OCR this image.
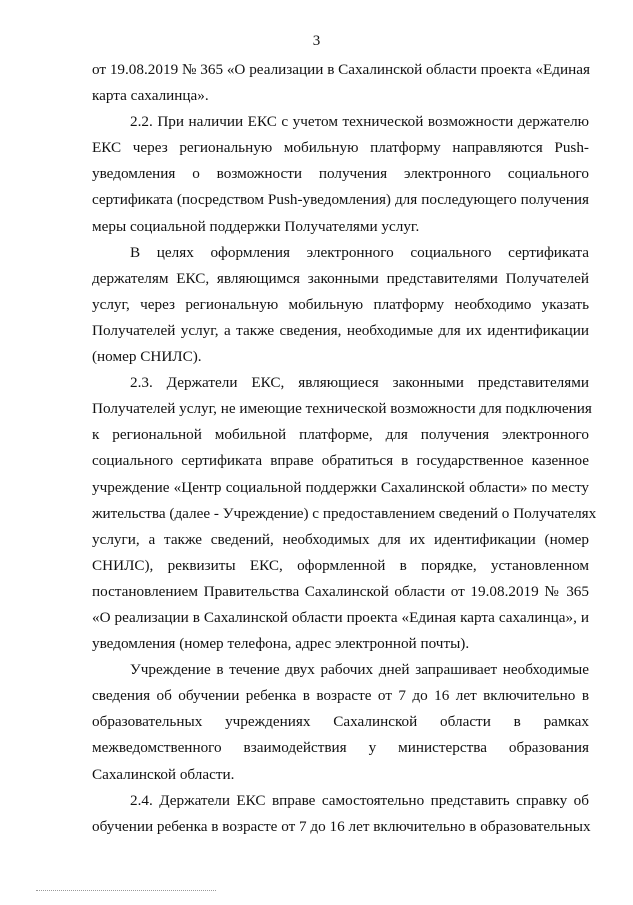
3

от 19.08.2019 № 365 «О реализации в Сахалинской области проекта «Единая
карта сахалинца».

2.2. При наличии ЕКС с учетом технической возможности держателю
ЕКС через региональную мобильную платформу направляются Push-
уведомления о возможности получения электронного социального
сертификата (посредством Push-уведомления) для последующего получения
меры социальной поддержки Получателями услуг.

В целях оформления электронного социального сертификата
держателям ЕКС, являющимся законными представителями Получателей
услуг, через региональную мобильную платформу необходимо указать
Получателей услуг, а также сведения, необходимые для их идентификации
(номер СНИЛС).

2.3. Держатели ЕКС, являющиеся законными представителями
Получателей услуг, не имеющие технической возможности для подключения
к региональной мобильной платформе, для получения электронного
социального сертификата вправе обратиться в государственное казенное
учреждение «Центр социальной поддержки Сахалинской области» по месту
жительства (далее - Учреждение) с предоставлением сведений о Получателях
услуги, а также сведений, необходимых для их идентификации (номер
СНИЛС), реквизиты ЕКС, оформленной в порядке, установленном
постановлением Правительства Сахалинской области от 19.08.2019 № 365
«О реализации в Сахалинской области проекта «Единая карта сахалинца», и
уведомления (номер телефона, адрес электронной почты).

Учреждение в течение двух рабочих дней запрашивает необходимые
сведения об обучении ребенка в возрасте от 7 до 16 лет включительно в
образовательных учреждениях Сахалинской области в рамках
межведомственного взаимодействия у министерства образования
Сахалинской области.

2.4. Держатели ЕКС вправе самостоятельно представить справку об
обучении ребенка в возрасте от 7 до 16 лет включительно в образовательных
